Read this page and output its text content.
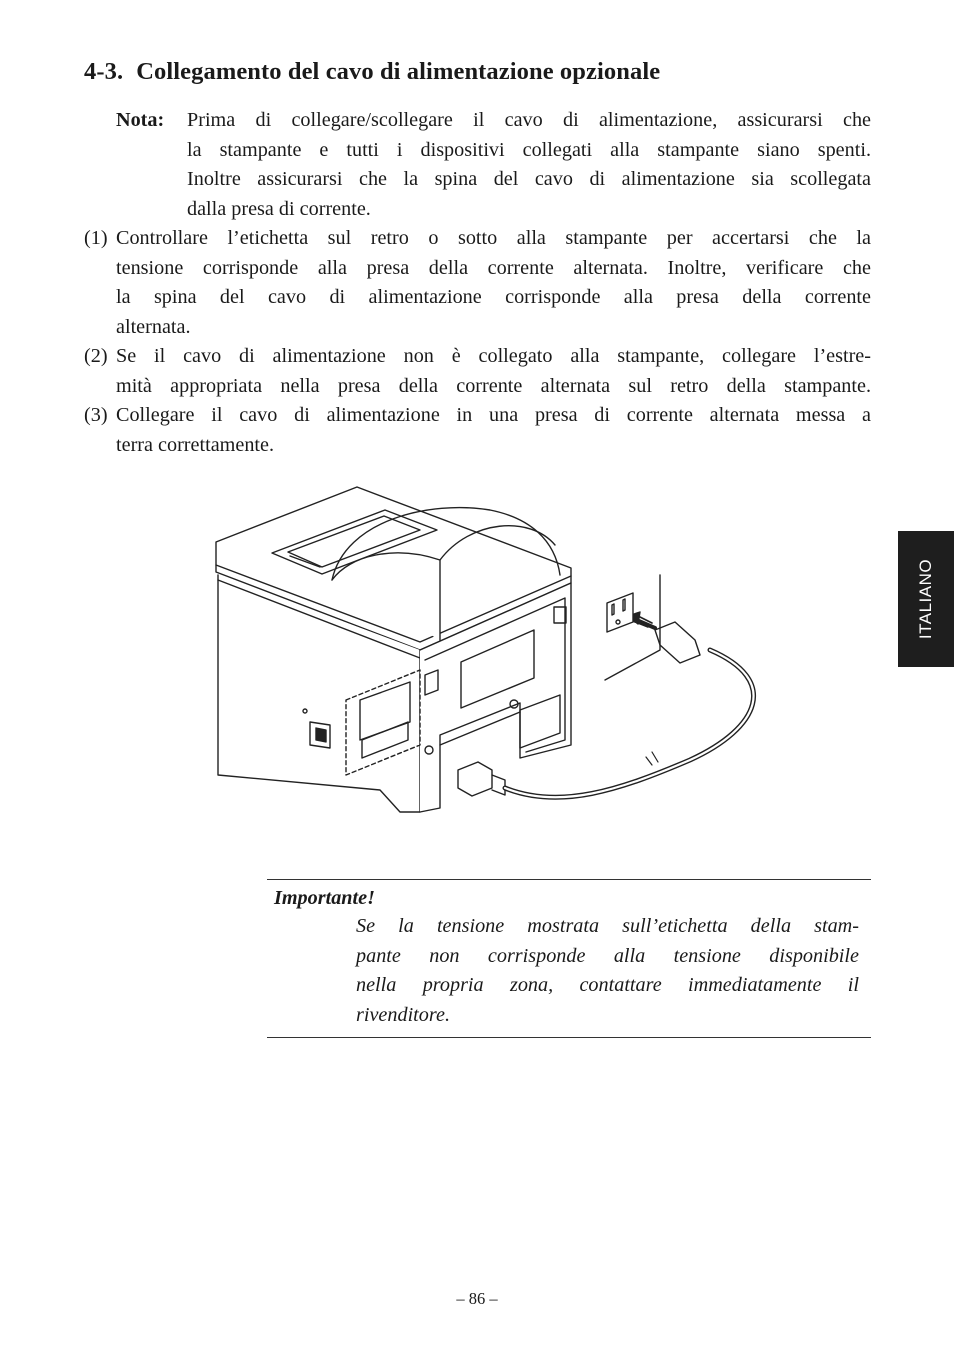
4-3. Collegamento del cavo di alimentazione opzionale
Nota: Prima di collegare/scollegare il cavo di alimentazione, assicurarsi che
la stampante e tutti i dispositivi collegati alla stampante siano spenti.
Inoltre assicurarsi che la spina del cavo di alimentazione sia scollegata
dalla presa di corrente.
(1) Controllare l’etichetta sul retro o sotto alla stampante per accertarsi che la
tensione corrisponde alla presa della corrente alternata. Inoltre, verificare che
la spina del cavo di alimentazione corrisponde alla presa della corrente
alternata.
(2) Se il cavo di alimentazione non è collegato alla stampante, collegare l’estre-
mità appropriata nella presa della corrente alternata sul retro della stampante.
(3) Collegare il cavo di alimentazione in una presa di corrente alternata messa a
terra correttamente.
ITALIANO
Importante!
Se la tensione mostrata sull’etichetta della stam-
pante non corrisponde alla tensione disponibile
nella propria zona, contattare immediatamente il
rivenditore.
– 86 –
